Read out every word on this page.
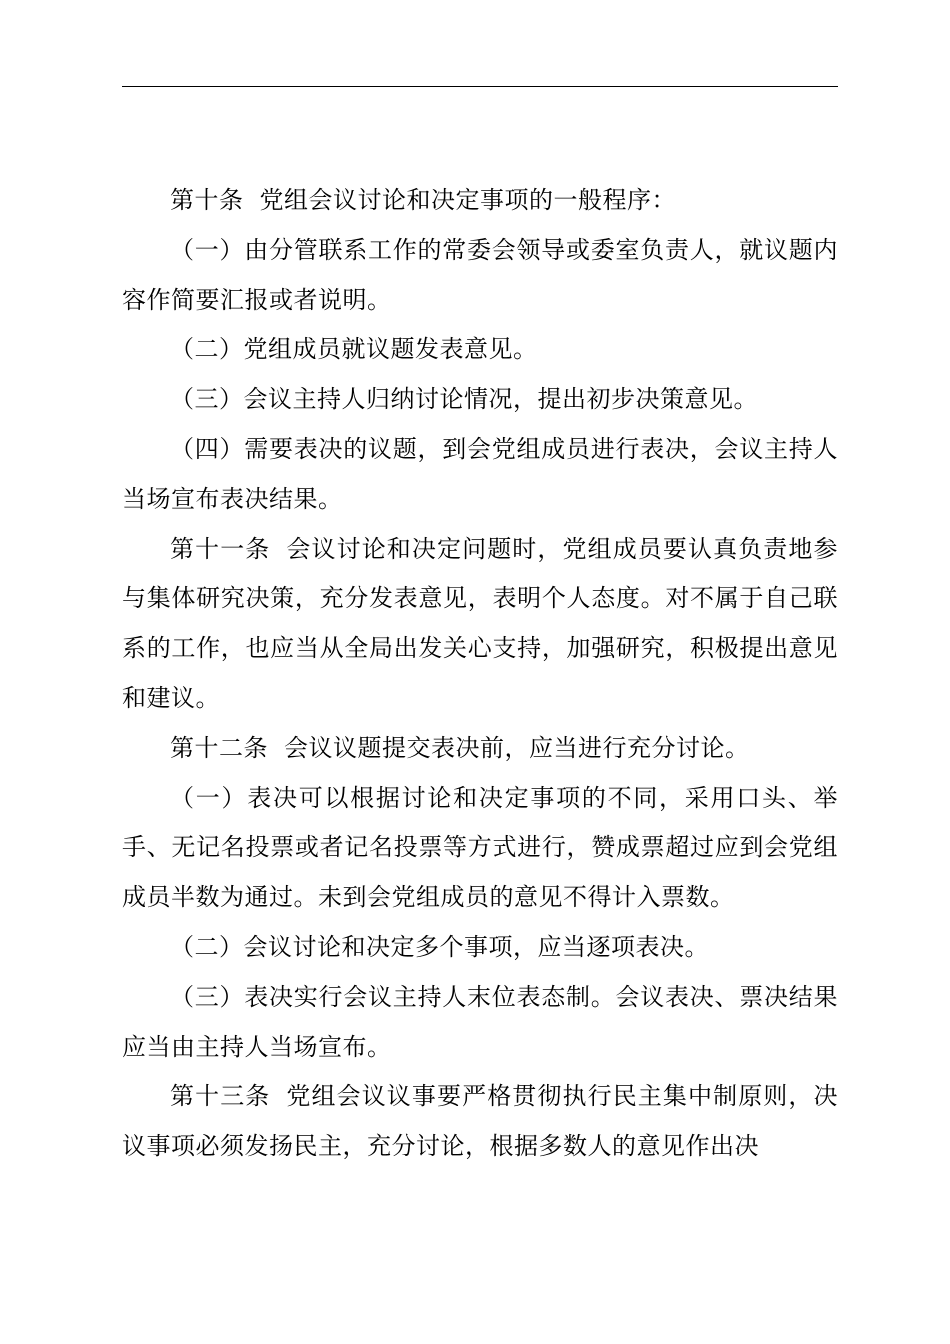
第十条 党组会议讨论和决定事项的一般程序：

（一）由分管联系工作的常委会领导或委室负责人，就议题内容作简要汇报或者说明。

（二）党组成员就议题发表意见。

（三）会议主持人归纳讨论情况，提出初步决策意见。

（四）需要表决的议题，到会党组成员进行表决，会议主持人当场宣布表决结果。

第十一条 会议讨论和决定问题时，党组成员要认真负责地参与集体研究决策，充分发表意见，表明个人态度。对不属于自己联系的工作，也应当从全局出发关心支持，加强研究，积极提出意见和建议。

第十二条 会议议题提交表决前，应当进行充分讨论。

（一）表决可以根据讨论和决定事项的不同，采用口头、举手、无记名投票或者记名投票等方式进行，赞成票超过应到会党组成员半数为通过。未到会党组成员的意见不得计入票数。

（二）会议讨论和决定多个事项，应当逐项表决。

（三）表决实行会议主持人末位表态制。会议表决、票决结果应当由主持人当场宣布。

第十三条 党组会议议事要严格贯彻执行民主集中制原则，决议事项必须发扬民主，充分讨论，根据多数人的意见作出决
